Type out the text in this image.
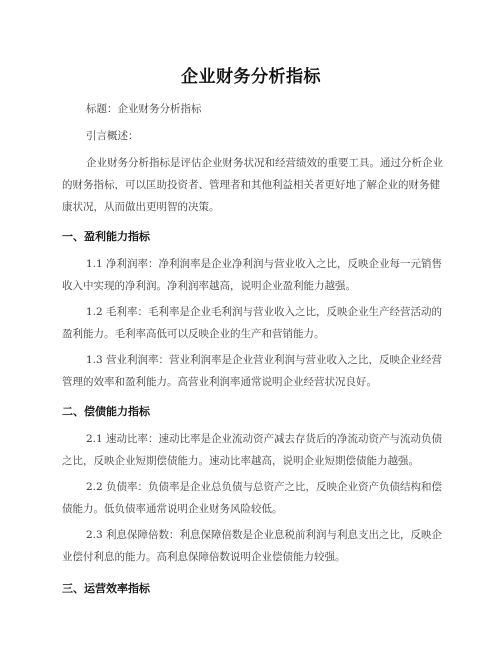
企业财务分析指标
标题：企业财务分析指标
引言概述：
企业财务分析指标是评估企业财务状况和经营绩效的重要工具。通过分析企业
的财务指标，可以匡助投资者、管理者和其他利益相关者更好地了解企业的财务健
康状况，从而做出更明智的决策。
一、盈利能力指标
1.1 净利润率：净利润率是企业净利润与营业收入之比，反映企业每一元销售
收入中实现的净利润。净利润率越高，说明企业盈利能力越强。
1.2 毛利率：毛利率是企业毛利润与营业收入之比，反映企业生产经营活动的
盈利能力。毛利率高低可以反映企业的生产和营销能力。
1.3 营业利润率：营业利润率是企业营业利润与营业收入之比，反映企业经营
管理的效率和盈利能力。高营业利润率通常说明企业经营状况良好。
二、偿债能力指标
2.1 速动比率：速动比率是企业流动资产减去存货后的净流动资产与流动负债
之比，反映企业短期偿债能力。速动比率越高，说明企业短期偿债能力越强。
2.2 负债率：负债率是企业总负债与总资产之比，反映企业资产负债结构和偿
债能力。低负债率通常说明企业财务风险较低。
2.3 利息保障倍数：利息保障倍数是企业息税前利润与利息支出之比，反映企
业偿付利息的能力。高利息保障倍数说明企业偿债能力较强。
三、运营效率指标
